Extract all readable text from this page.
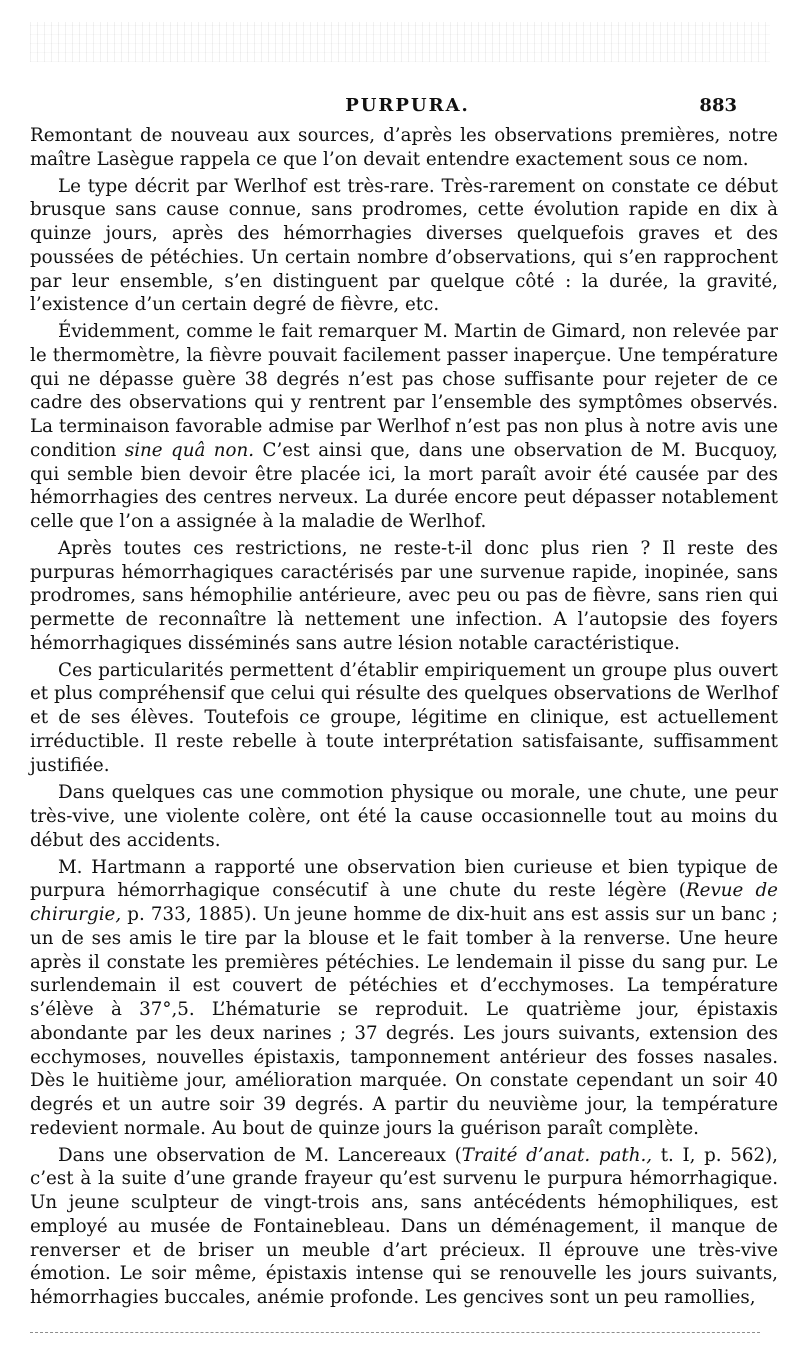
PURPURA.	883

Remontant de nouveau aux sources, d’après les observations premières, notre maître Lasègue rappela ce que l’on devait entendre exactement sous ce nom.

Le type décrit par Werlhof est très-rare. Très-rarement on constate ce début brusque sans cause connue, sans prodromes, cette évolution rapide en dix à quinze jours, après des hémorrhagies diverses quelquefois graves et des poussées de pétéchies. Un certain nombre d’observations, qui s’en rapprochent par leur ensemble, s’en distinguent par quelque côté : la durée, la gravité, l’existence d’un certain degré de fièvre, etc.

Évidemment, comme le fait remarquer M. Martin de Gimard, non relevée par le thermomètre, la fièvre pouvait facilement passer inaperçue. Une température qui ne dépasse guère 38 degrés n’est pas chose suffisante pour rejeter de ce cadre des observations qui y rentrent par l’ensemble des symptômes observés. La terminaison favorable admise par Werlhof n’est pas non plus à notre avis une condition sine quâ non. C’est ainsi que, dans une observation de M. Bucquoy, qui semble bien devoir être placée ici, la mort paraît avoir été causée par des hémorrhagies des centres nerveux. La durée encore peut dépasser notablement celle que l’on a assignée à la maladie de Werlhof.

Après toutes ces restrictions, ne reste-t-il donc plus rien ? Il reste des purpuras hémorrhagiques caractérisés par une survenue rapide, inopinée, sans prodromes, sans hémophilie antérieure, avec peu ou pas de fièvre, sans rien qui permette de reconnaître là nettement une infection. A l’autopsie des foyers hémorrhagiques disséminés sans autre lésion notable caractéristique.

Ces particularités permettent d’établir empiriquement un groupe plus ouvert et plus compréhensif que celui qui résulte des quelques observations de Werlhof et de ses élèves. Toutefois ce groupe, légitime en clinique, est actuellement irréductible. Il reste rebelle à toute interprétation satisfaisante, suffisamment justifiée.

Dans quelques cas une commotion physique ou morale, une chute, une peur très-vive, une violente colère, ont été la cause occasionnelle tout au moins du début des accidents.

M. Hartmann a rapporté une observation bien curieuse et bien typique de purpura hémorrhagique consécutif à une chute du reste légère (Revue de chirurgie, p. 733, 1885). Un jeune homme de dix-huit ans est assis sur un banc ; un de ses amis le tire par la blouse et le fait tomber à la renverse. Une heure après il constate les premières pétéchies. Le lendemain il pisse du sang pur. Le surlendemain il est couvert de pétéchies et d’ecchymoses. La température s’élève à 37°,5. L’hématurie se reproduit. Le quatrième jour, épistaxis abondante par les deux narines ; 37 degrés. Les jours suivants, extension des ecchymoses, nouvelles épistaxis, tamponnement antérieur des fosses nasales. Dès le huitième jour, amélioration marquée. On constate cependant un soir 40 degrés et un autre soir 39 degrés. A partir du neuvième jour, la température redevient normale. Au bout de quinze jours la guérison paraît complète.

Dans une observation de M. Lancereaux (Traité d’anat. path., t. I, p. 562), c’est à la suite d’une grande frayeur qu’est survenu le purpura hémorrhagique. Un jeune sculpteur de vingt-trois ans, sans antécédents hémophiliques, est employé au musée de Fontainebleau. Dans un déménagement, il manque de renverser et de briser un meuble d’art précieux. Il éprouve une très-vive émotion. Le soir même, épistaxis intense qui se renouvelle les jours suivants, hémorrhagies buccales, anémie profonde. Les gencives sont un peu ramollies,
